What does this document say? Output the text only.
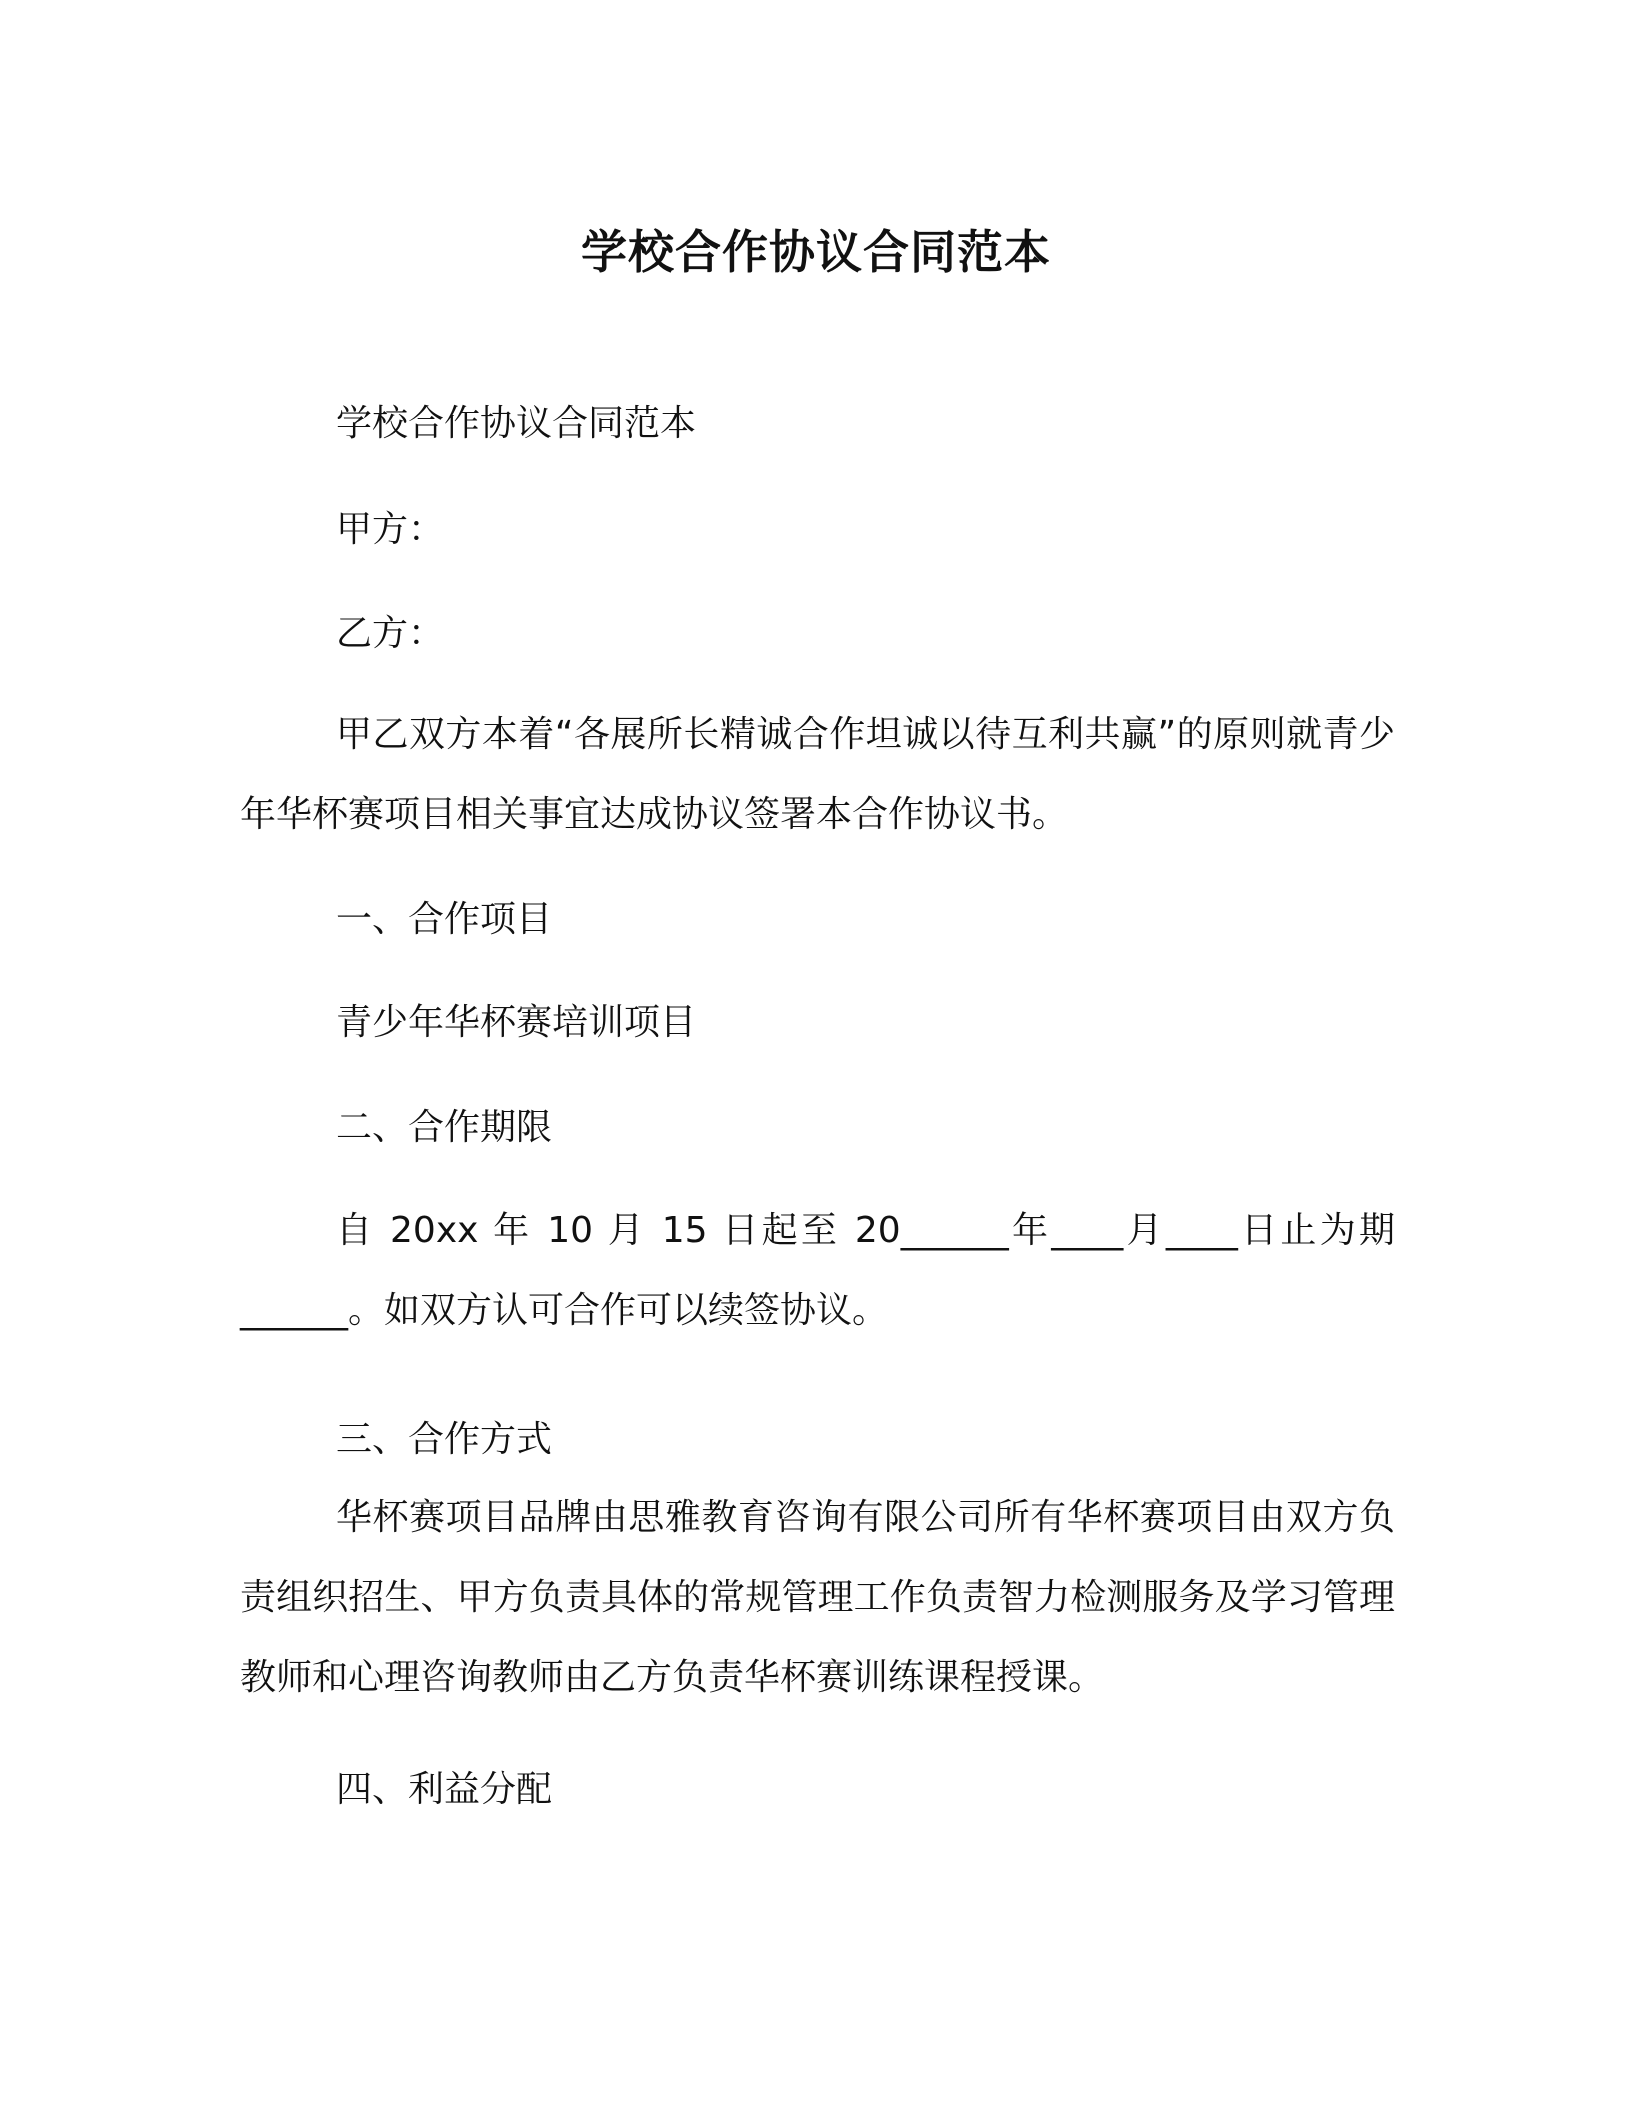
学校合作协议合同范本

学校合作协议合同范本

甲方：

乙方：

甲乙双方本着“各展所长精诚合作坦诚以待互利共赢”的原则就青少年华杯赛项目相关事宜达成协议签署本合作协议书。

一、合作项目

青少年华杯赛培训项目

二、合作期限

自 20xx 年 10 月 15 日起至 20______年____月____日止为期______。如双方认可合作可以续签协议。

三、合作方式

华杯赛项目品牌由思雅教育咨询有限公司所有华杯赛项目由双方负责组织招生、甲方负责具体的常规管理工作负责智力检测服务及学习管理教师和心理咨询教师由乙方负责华杯赛训练课程授课。

四、利益分配
